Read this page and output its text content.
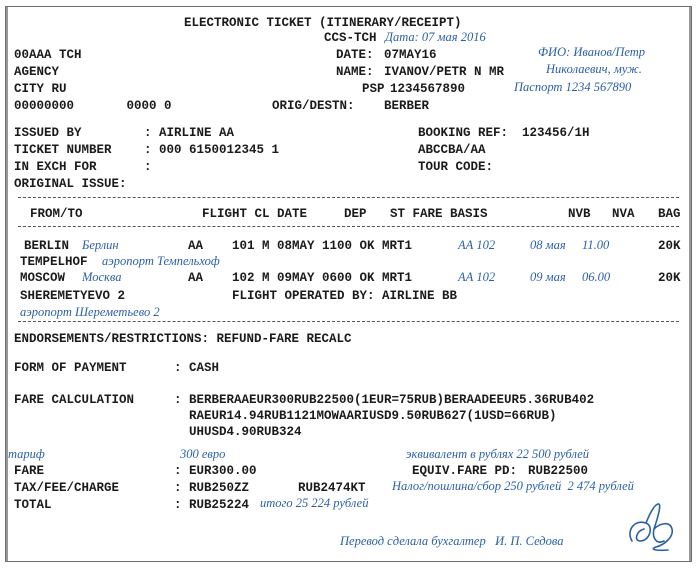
ELECTRONIC TICKET (ITINERARY/RECEIPT)
CCS-TCH Дата: 07 мая 2016
00AAA TCH
AGENCY
CITY RU
00000000       0000 0
DATE: 07MAY16	ФИО: Иванов/Петр
NAME: IVANOV/PETR N MR	Николаевич, муж.
PSP 1234567890	Паспорт 1234 567890
ORIG/DESTN: BERBER
ISSUED BY	: AIRLINE AA
TICKET NUMBER	: 000 6150012345 1
IN EXCH FOR	:
ORIGINAL ISSUE:
BOOKING REF: 123456/1H
ABCCBA/AA
TOUR CODE:
FROM/TO	FLIGHT CL DATE	DEP ST FARE BASIS	NVB NVA BAG
BERLIN Берлин	AA 101 M 08MAY 1100 OK MRT1	АА 102	08 мая 11.00	20K
TEMPELHOF аэропорт Темпельхоф
MOSCOW Москва	AA 102 M 09MAY 0600 OK MRT1	АА 102	09 мая 06.00	20K
SHEREMETYEVO 2	FLIGHT OPERATED BY: AIRLINE BB
аэропорт Шереметьево 2
ENDORSEMENTS/RESTRICTIONS: REFUND-FARE RECALC
FORM OF PAYMENT	: CASH
FARE CALCULATION	: BERBERAAEUR300RUB22500(1EUR=75RUB)BERAADEEUR5.36RUB402
RAEUR14.94RUB1121MOWAARIUSD9.50RUB627(1USD=66RUB)
UHUSD4.90RUB324
тариф	300 евро	эквивалент в рублях 22 500 рублей
FARE	: EUR300.00	EQUIV.FARE PD: RUB22500
TAX/FEE/CHARGE	: RUB250ZZ	RUB2474KT Налог/пошлина/сбор 250 рублей  2 474 рублей
TOTAL	: RUB25224 итого 25 224 рублей
Перевод сделала бухгалтер   И. П. Седова
